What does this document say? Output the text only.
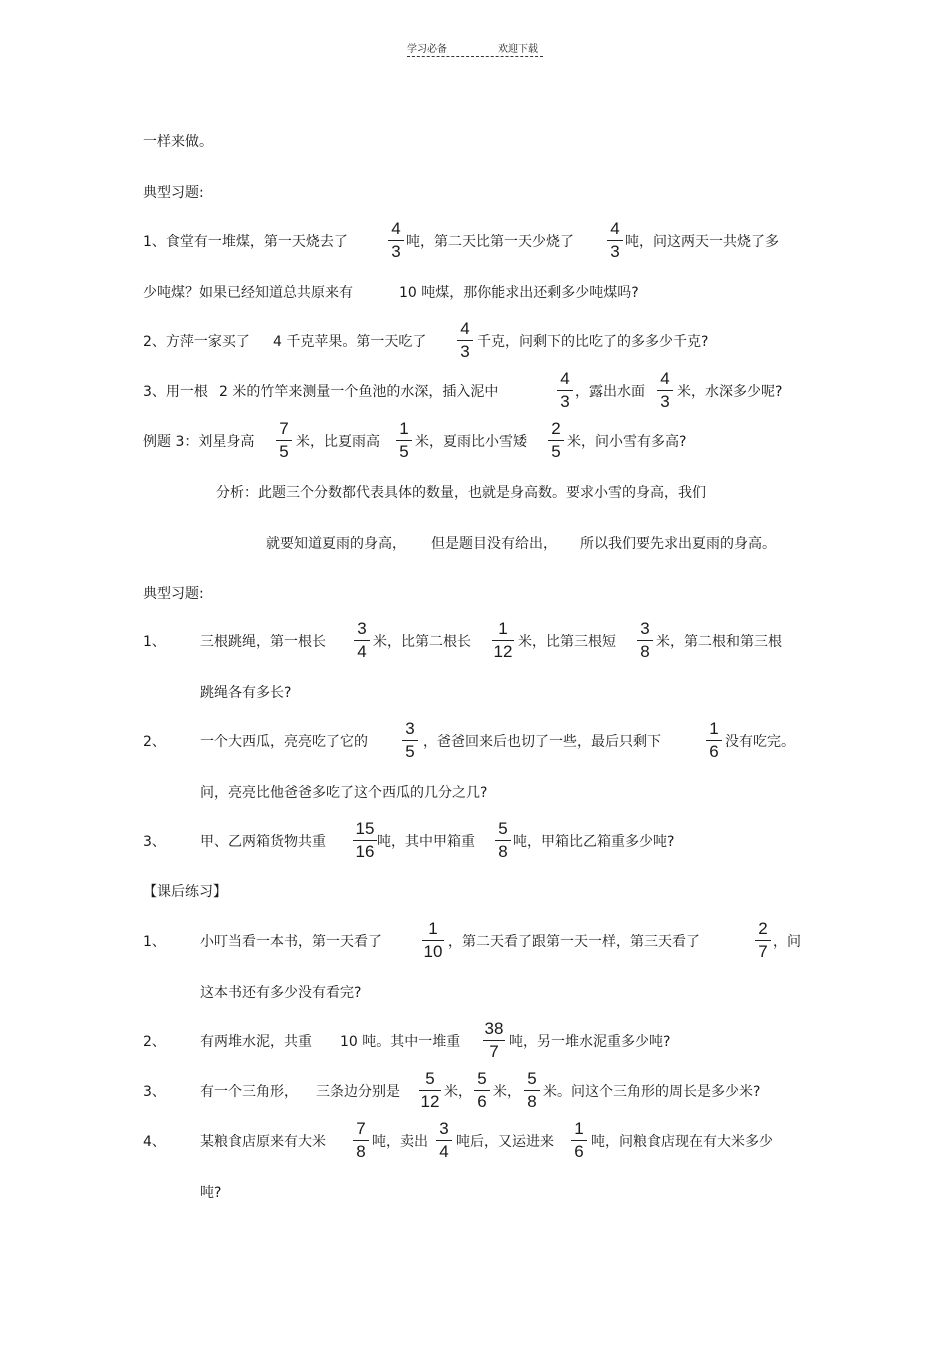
学习必备	欢迎下载
一样来做。
典型习题:
1、食堂有一堆煤，第一天烧去了
4
3 吨，第二天比第一天少烧了
4
3 吨，问这两天一共烧了多
少吨煤？如果已经知道总共原来有	10 吨煤，那你能求出还剩多少吨煤吗?
2、方萍一家买了 4 千克苹果。第一天吃了
4
3 千克，问剩下的比吃了的多多少千克?
3、用一根 2 米的竹竿来测量一个鱼池的水深，插入泥中
4
3 ，露出水面
4
3 米，水深多少呢?
例题 3：刘星身高
7
5 米，比夏雨高
1
5 米，夏雨比小雪矮
2
5 米，问小雪有多高?
分析：此题三个分数都代表具体的数量，也就是身高数。要求小雪的身高，我们
就要知道夏雨的身高， 但是题目没有给出， 所以我们要先求出夏雨的身高。
典型习题:
1、 三根跳绳，第一根长
3
4 米，比第二根长
1
12 米，比第三根短
3
8 米，第二根和第三根
跳绳各有多长?
2、 一个大西瓜，亮亮吃了它的
3
5 ，爸爸回来后也切了一些，最后只剩下
1
6 没有吃完。
问，亮亮比他爸爸多吃了这个西瓜的几分之几?
3、 甲、乙两箱货物共重
15
16 吨，其中甲箱重
5
8 吨，甲箱比乙箱重多少吨?
【课后练习】
1、 小叮当看一本书，第一天看了
1
10 ，第二天看了跟第一天一样，第三天看了
2
7 ，问
这本书还有多少没有看完?
2、 有两堆水泥，共重 10 吨。其中一堆重
38
7 吨，另一堆水泥重多少吨?
3、 有一个三角形， 三条边分别是
5
12 米，
5
6 米，
5
8 米。问这个三角形的周长是多少米?
4、 某粮食店原来有大米
7
8 吨，卖出
3
4 吨后，又运进来
1
6 吨，问粮食店现在有大米多少
吨?
